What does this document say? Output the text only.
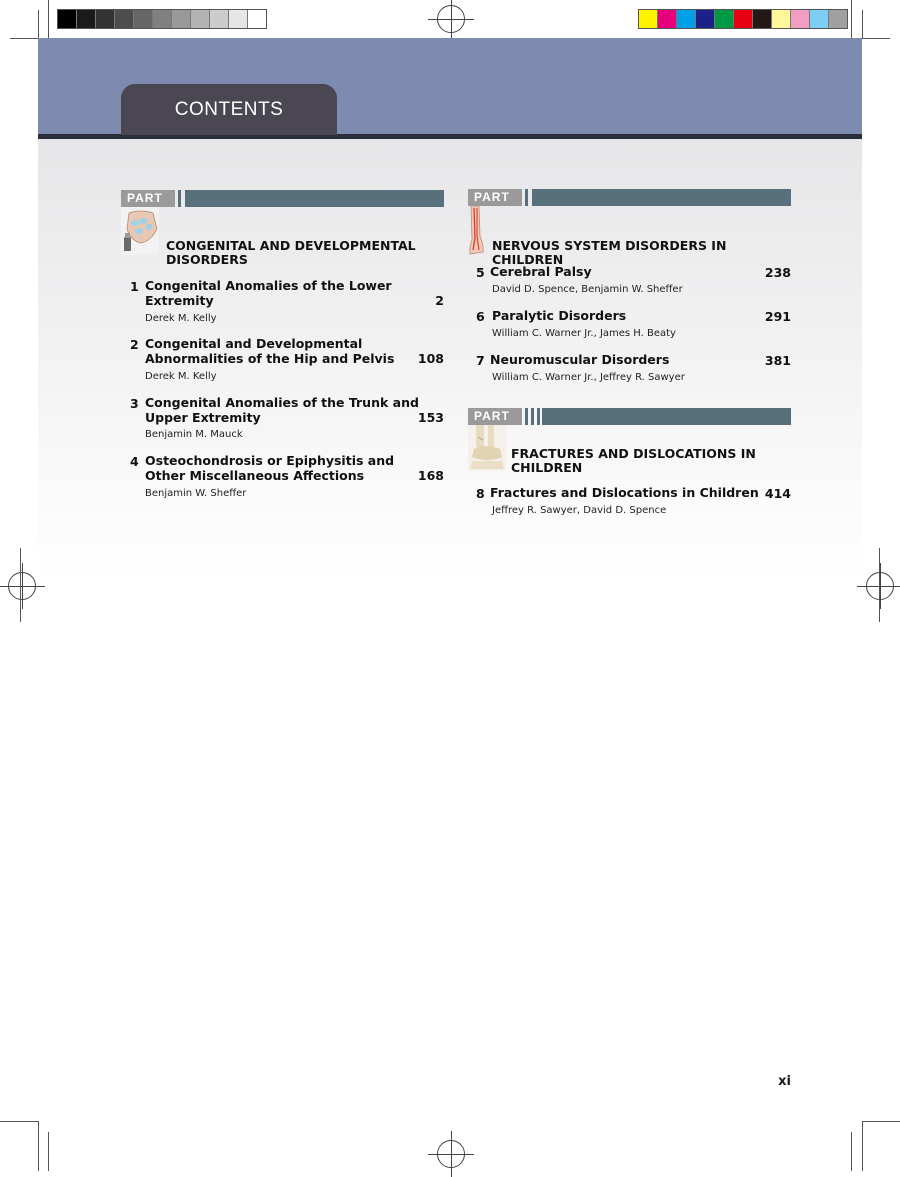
CONTENTS
PART
CONGENITAL AND DEVELOPMENTAL DISORDERS
1 Congenital Anomalies of the Lower
Extremity	2
Derek M. Kelly
2 Congenital and Developmental
Abnormalities of the Hip and Pelvis	108
Derek M. Kelly
3 Congenital Anomalies of the Trunk and
Upper Extremity	153
Benjamin M. Mauck
4 Osteochondrosis or Epiphysitis and
Other Miscellaneous Affections	168
Benjamin W. Sheffer
PART
NERVOUS SYSTEM DISORDERS IN CHILDREN
5 Cerebral Palsy	238
David D. Spence, Benjamin W. Sheffer
6 Paralytic Disorders	291
William C. Warner Jr., James H. Beaty
7 Neuromuscular Disorders	381
William C. Warner Jr., Jeffrey R. Sawyer
PART
FRACTURES AND DISLOCATIONS IN CHILDREN
8 Fractures and Dislocations in Children 414
Jeffrey R. Sawyer, David D. Spence
xi
